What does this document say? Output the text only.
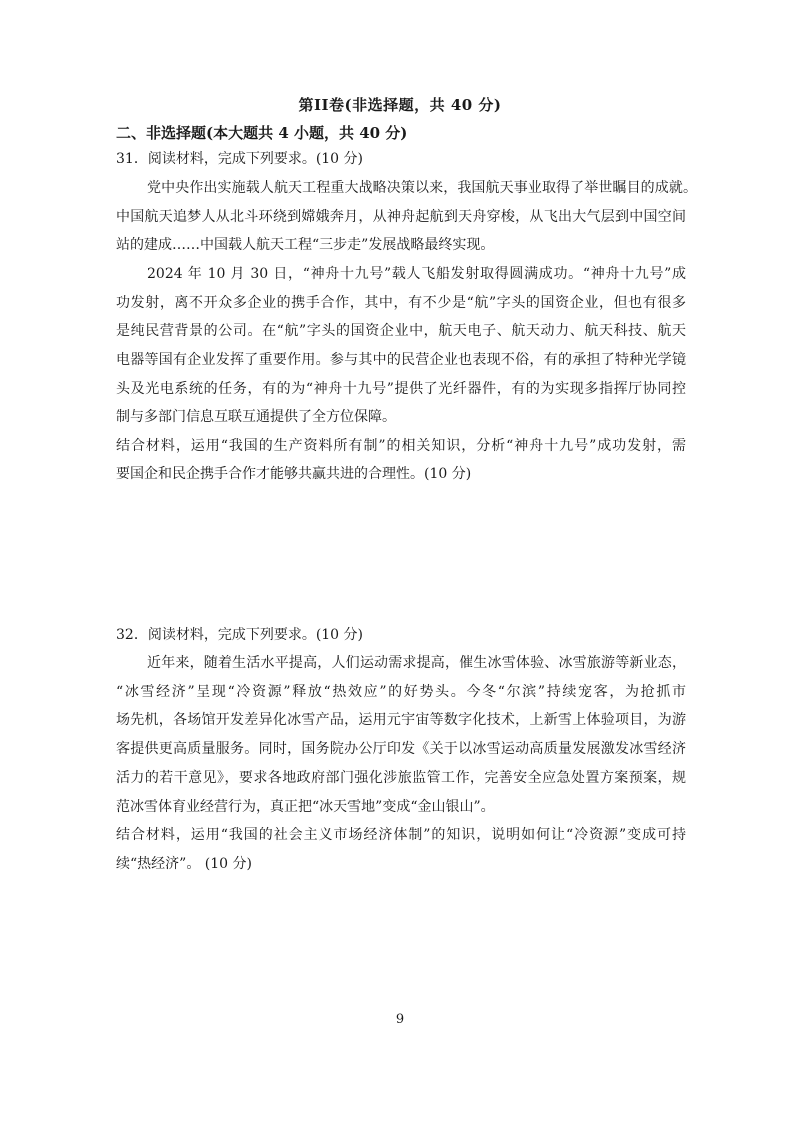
第II卷(非选择题，共 40 分)
二、非选择题(本大题共 4 小题，共 40 分)
31．阅读材料，完成下列要求。(10 分)
党中央作出实施载人航天工程重大战略决策以来，我国航天事业取得了举世瞩目的成就。
中国航天追梦人从北斗环绕到嫦娥奔月，从神舟起航到天舟穿梭，从飞出大气层到中国空间
站的建成……中国载人航天工程“三步走”发展战略最终实现。
2024 年 10 月 30 日，“神舟十九号”载人飞船发射取得圆满成功。“神舟十九号”成
功发射，离不开众多企业的携手合作，其中，有不少是“航”字头的国资企业，但也有很多
是纯民营背景的公司。在“航”字头的国资企业中，航天电子、航天动力、航天科技、航天
电器等国有企业发挥了重要作用。参与其中的民营企业也表现不俗，有的承担了特种光学镜
头及光电系统的任务，有的为“神舟十九号”提供了光纤器件，有的为实现多指挥厅协同控
制与多部门信息互联互通提供了全方位保障。
结合材料，运用“我国的生产资料所有制”的相关知识，分析“神舟十九号”成功发射，需
要国企和民企携手合作才能够共赢共进的合理性。(10 分)
32．阅读材料，完成下列要求。(10 分)
近年来，随着生活水平提高，人们运动需求提高，催生冰雪体验、冰雪旅游等新业态，
“冰雪经济”呈现“冷资源”释放“热效应”的好势头。今冬“尔滨”持续宠客，为抢抓市
场先机，各场馆开发差异化冰雪产品，运用元宇宙等数字化技术，上新雪上体验项目，为游
客提供更高质量服务。同时，国务院办公厅印发《关于以冰雪运动高质量发展激发冰雪经济
活力的若干意见》，要求各地政府部门强化涉旅监管工作，完善安全应急处置方案预案，规
范冰雪体育业经营行为，真正把“冰天雪地”变成“金山银山”。
结合材料，运用“我国的社会主义市场经济体制”的知识，说明如何让“冷资源”变成可持
续“热经济”。 (10 分)
9
